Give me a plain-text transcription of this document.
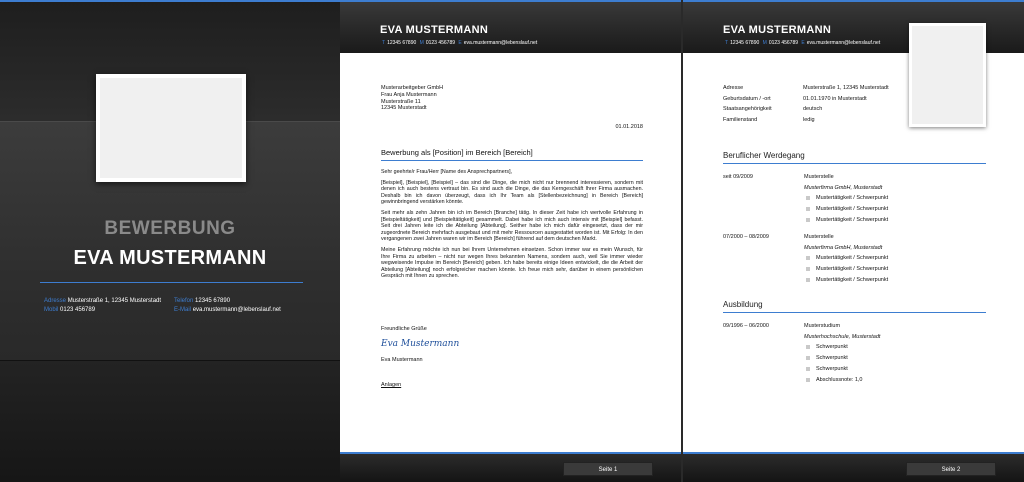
BEWERBUNG
EVA MUSTERMANN
Adresse Musterstraße 1, 12345 Musterstadt
Mobil 0123 456789
Telefon 12345 67890
E-Mail eva.mustermann@lebenslauf.net
EVA MUSTERMANN
T 12345 67890 M 0123 456789 E eva.mustermann@lebenslauf.net
Musterarbeitgeber GmbH
Frau Anja Mustermann
Musterstraße 11
12345 Musterstadt
01.01.2018
Bewerbung als [Position] im Bereich [Bereich]

Sehr geehrte/r Frau/Herr [Name des Ansprechpartners],

[Beispiel], [Beispiel], [Beispiel] – das sind die Dinge, die mich nicht nur brennend interessieren, sondern mit denen ich auch bestens vertraut bin. Es sind auch die Dinge, die das Kerngeschäft Ihrer Firma ausmachen. Deshalb bin ich davon überzeugt, dass ich Ihr Team als [Stellenbezeichnung] in Bereich [Bereich] gewinnbringend verstärken könnte.

Seit mehr als zehn Jahren bin ich im Bereich [Branche] tätig. In dieser Zeit habe ich wertvolle Erfahrung in [Beispieltätigkeit] und [Beispieltätigkeit] gesammelt. Dabei habe ich mich auch intensiv mit [Beispiel] befasst. Seit drei Jahren leite ich die Abteilung [Abteilung]. Seither habe ich mich dafür eingesetzt, dass der mir zugeordnete Bereich mehrfach ausgebaut und mit mehr Ressourcen ausgestattet worden ist. Mit Erfolg: In den vergangenen zwei Jahren waren wir im Bereich [Bereich] führend auf dem deutschen Markt.

Meine Erfahrung möchte ich nun bei Ihrem Unternehmen einsetzen. Schon immer war es mein Wunsch, für Ihre Firma zu arbeiten – nicht nur wegen Ihres bekannten Namens, sondern auch, weil Sie immer wieder wegweisende Impulse im Bereich [Bereich] geben. Ich habe bereits einige Ideen entwickelt, die die Arbeit der Abteilung [Abteilung] noch erfolgreicher machen könnte. Ich freue mich sehr, darüber in einem persönlichen Gespräch mit Ihnen zu sprechen.

Freundliche Grüße
Eva Mustermann
Eva Mustermann
Anlagen
Seite 1
EVA MUSTERMANN
T 12345 67890 M 0123 456789 E eva.mustermann@lebenslauf.net
Adresse	Musterstraße 1, 12345 Musterstadt
Geburtsdatum / -ort	01.01.1970 in Musterstadt
Staatsangehörigkeit	deutsch
Familienstand	ledig
Beruflicher Werdegang
seit 09/2009	Musterstelle
Musterfirma GmbH, Musterstadt
Mustertätigkeit / Schwerpunkt
Mustertätigkeit / Schwerpunkt
Mustertätigkeit / Schwerpunkt
07/2000 – 08/2009	Musterstelle
Musterfirma GmbH, Musterstadt
Mustertätigkeit / Schwerpunkt
Mustertätigkeit / Schwerpunkt
Mustertätigkeit / Schwerpunkt
Ausbildung
09/1996 – 06/2000	Musterstudium
Musterhochschule, Musterstadt
Schwerpunkt
Schwerpunkt
Schwerpunkt
Abschlussnote: 1,0
Seite 2
